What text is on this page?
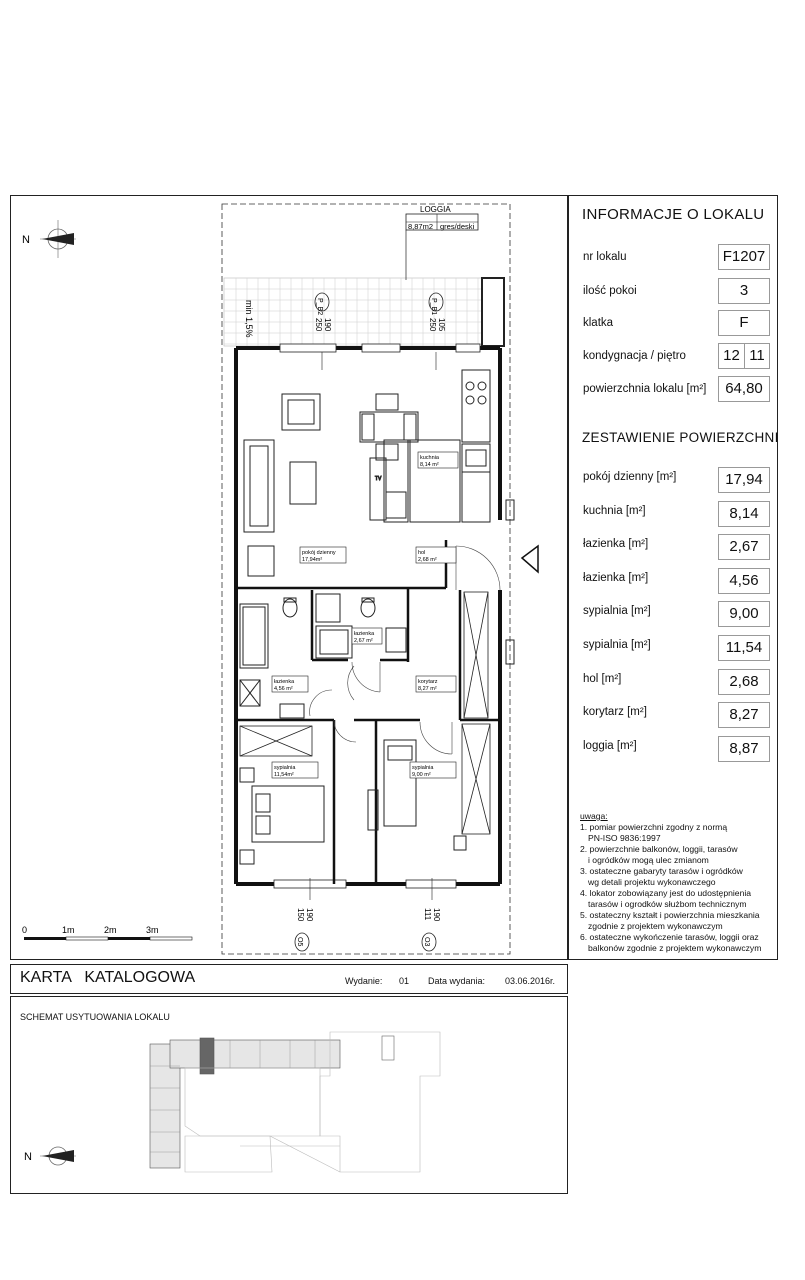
N
LOGGIA
8,87m2 gres/deski
min 1,5%	P_B2
190
250
P_B1
105
250
TV
kuchnia
8,14 m²
pokój dzienny
17,94m²
hol
2,68 m²
łazienka
2,67 m²
łazienka
4,56 m²
korytarz
8,27 m²
sypialnia
11,54m²
sypialnia
9,00 m²
O5
150 190
O3
111 190
0	1m	2m	3m
INFORMACJE O LOKALU
nr lokalu	F1207
ilość pokoi	3
klatka	F
kondygnacja / piętro	12 11
powierzchnia lokalu [m²]	64,80
ZESTAWIENIE POWIERZCHNI
pokój dzienny [m²]	17,94
kuchnia [m²]	8,14
łazienka [m²]	2,67
łazienka [m²]	4,56
sypialnia [m²]	9,00
sypialnia [m²]	11,54
hol [m²]	2,68
korytarz [m²]	8,27
loggia [m²]	8,87
uwaga:
1. pomiar powierzchni zgodny z normą
PN-ISO 9836:1997
2. powierzchnie balkonów, loggii, tarasów
i ogródków mogą ulec zmianom
3. ostateczne gabaryty tarasów i ogródków
wg detali projektu wykonawczego
4. lokator zobowiązany jest do udostępnienia
tarasów i ogrodków służbom technicznym
5. ostateczny kształt i powierzchnia mieszkania
zgodnie z projektem wykonawczym
6. ostateczne wykończenie tarasów, loggii oraz
balkonów zgodnie z projektem wykonawczym
KARTA   KATALOGOWA	Wydanie: 01 Data wydania: 03.06.2016r.
SCHEMAT USYTUOWANIA LOKALU
N
